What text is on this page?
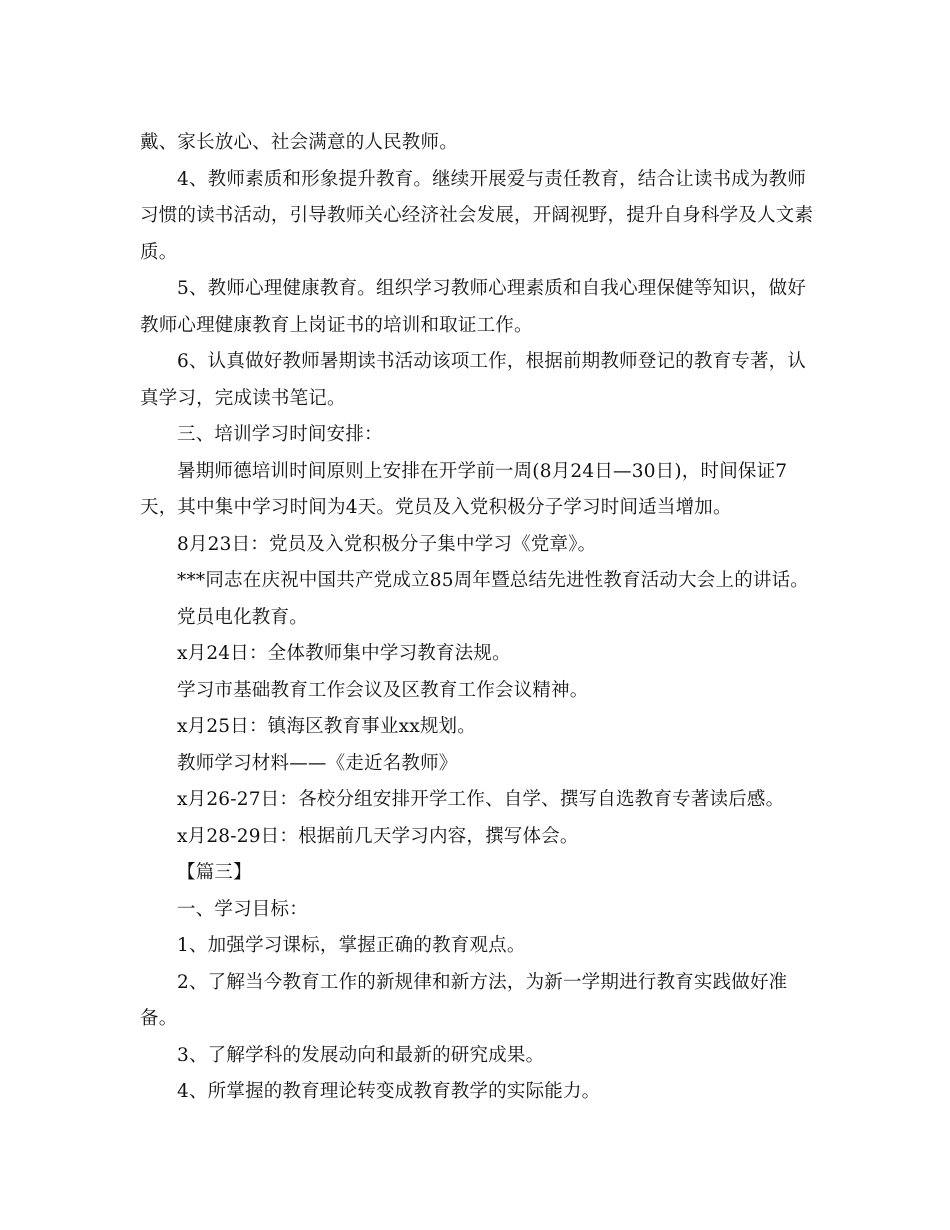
戴、家长放心、社会满意的人民教师。

4、教师素质和形象提升教育。继续开展爱与责任教育，结合让读书成为教师习惯的读书活动，引导教师关心经济社会发展，开阔视野，提升自身科学及人文素质。

5、教师心理健康教育。组织学习教师心理素质和自我心理保健等知识，做好教师心理健康教育上岗证书的培训和取证工作。

6、认真做好教师暑期读书活动该项工作，根据前期教师登记的教育专著，认真学习，完成读书笔记。

三、培训学习时间安排：

暑期师德培训时间原则上安排在开学前一周(8月24日—30日)，时间保证7天，其中集中学习时间为4天。党员及入党积极分子学习时间适当增加。

8月23日：党员及入党积极分子集中学习《党章》。

***同志在庆祝中国共产党成立85周年暨总结先进性教育活动大会上的讲话。

党员电化教育。

x月24日：全体教师集中学习教育法规。

学习市基础教育工作会议及区教育工作会议精神。

x月25日：镇海区教育事业xx规划。

教师学习材料——《走近名教师》

x月26-27日：各校分组安排开学工作、自学、撰写自选教育专著读后感。

x月28-29日：根据前几天学习内容，撰写体会。

【篇三】

一、学习目标：

1、加强学习课标，掌握正确的教育观点。

2、了解当今教育工作的新规律和新方法，为新一学期进行教育实践做好准备。

3、了解学科的发展动向和最新的研究成果。

4、所掌握的教育理论转变成教育教学的实际能力。
